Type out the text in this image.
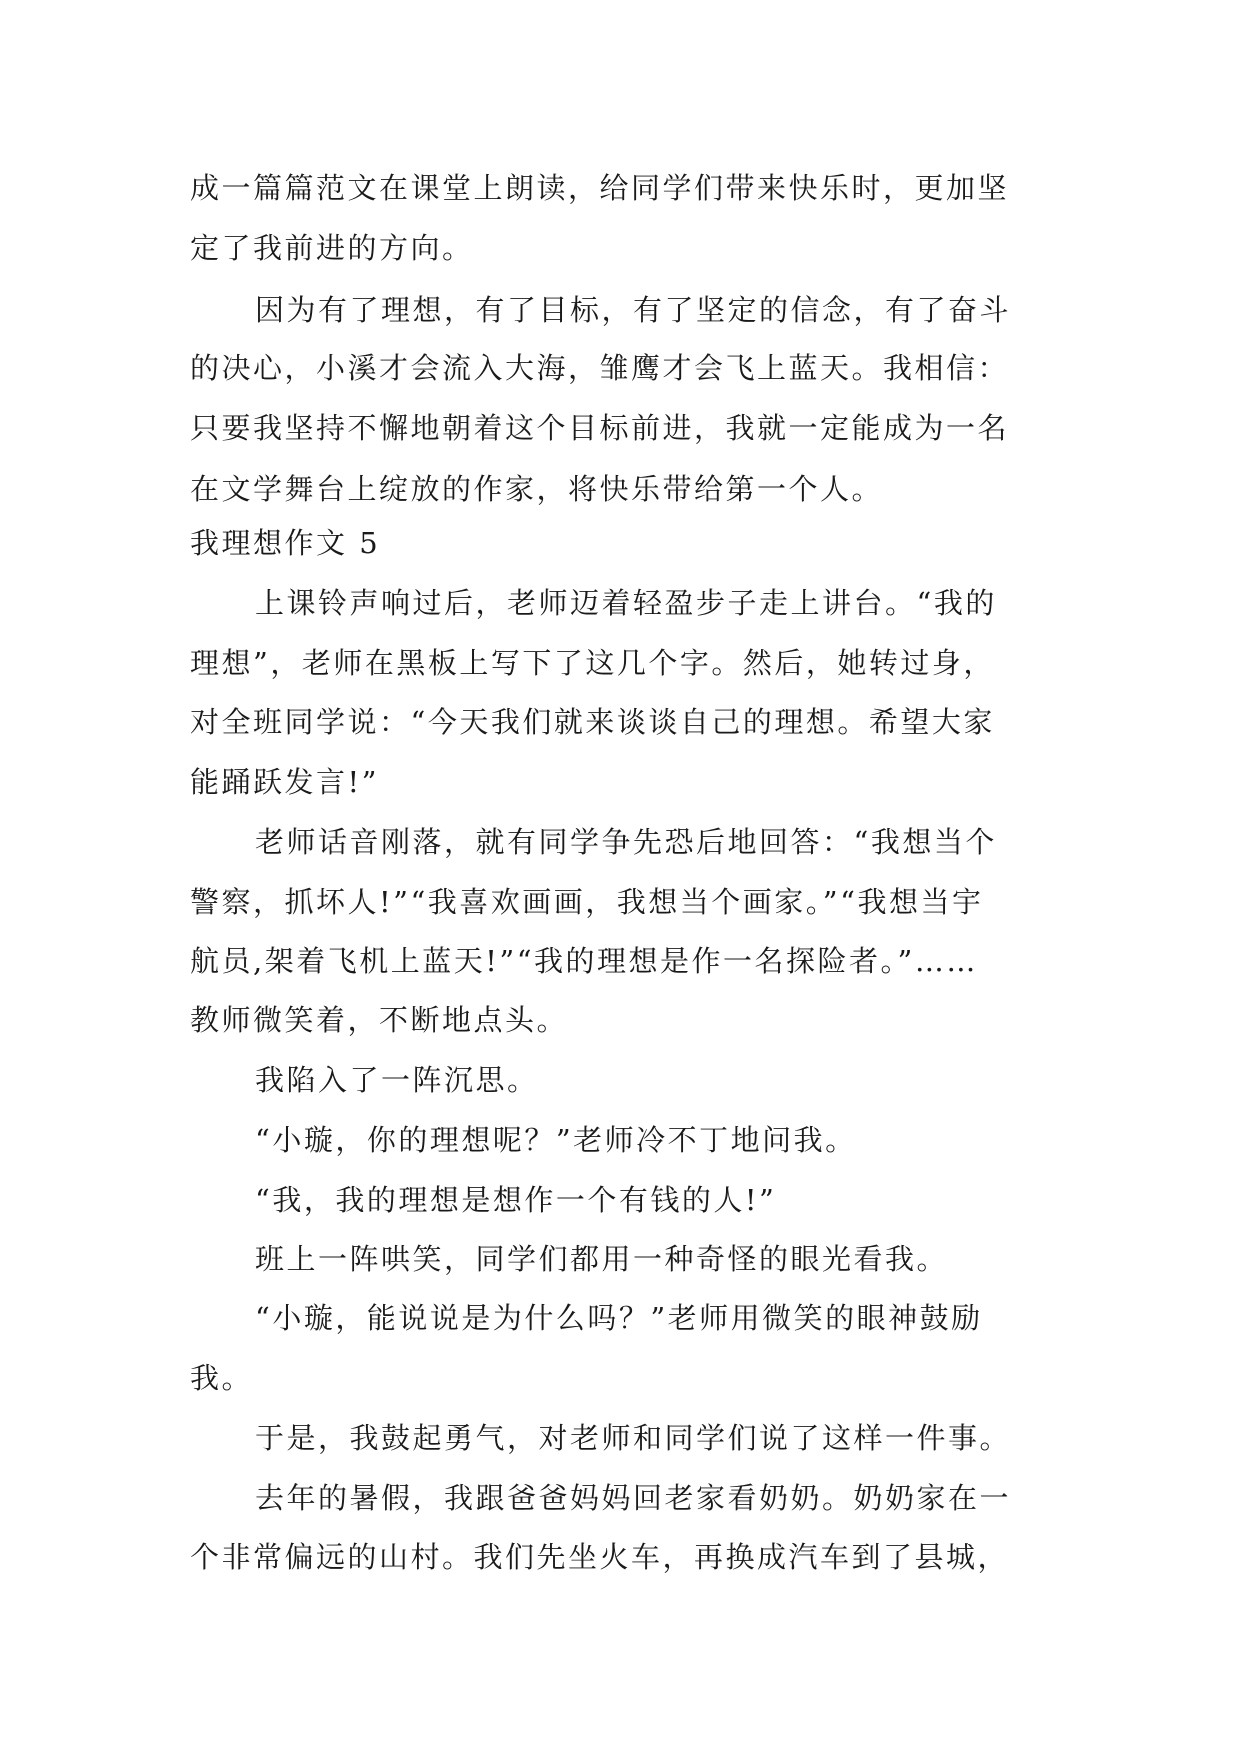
成一篇篇范文在课堂上朗读，给同学们带来快乐时，更加坚
定了我前进的方向。
因为有了理想，有了目标，有了坚定的信念，有了奋斗
的决心，小溪才会流入大海，雏鹰才会飞上蓝天。我相信：
只要我坚持不懈地朝着这个目标前进，我就一定能成为一名
在文学舞台上绽放的作家，将快乐带给第一个人。
我理想作文 5
上课铃声响过后，老师迈着轻盈步子走上讲台。“我的
理想”，老师在黑板上写下了这几个字。然后，她转过身，
对全班同学说：“今天我们就来谈谈自己的理想。希望大家
能踊跃发言!”
老师话音刚落，就有同学争先恐后地回答：“我想当个
警察，抓坏人!”“我喜欢画画，我想当个画家。”“我想当宇
航员,架着飞机上蓝天!”“我的理想是作一名探险者。”……
教师微笑着，不断地点头。
我陷入了一阵沉思。
“小璇，你的理想呢？”老师冷不丁地问我。
“我，我的理想是想作一个有钱的人!”
班上一阵哄笑，同学们都用一种奇怪的眼光看我。
“小璇，能说说是为什么吗？”老师用微笑的眼神鼓励
我。
于是，我鼓起勇气，对老师和同学们说了这样一件事。
去年的暑假，我跟爸爸妈妈回老家看奶奶。奶奶家在一
个非常偏远的山村。我们先坐火车，再换成汽车到了县城，
